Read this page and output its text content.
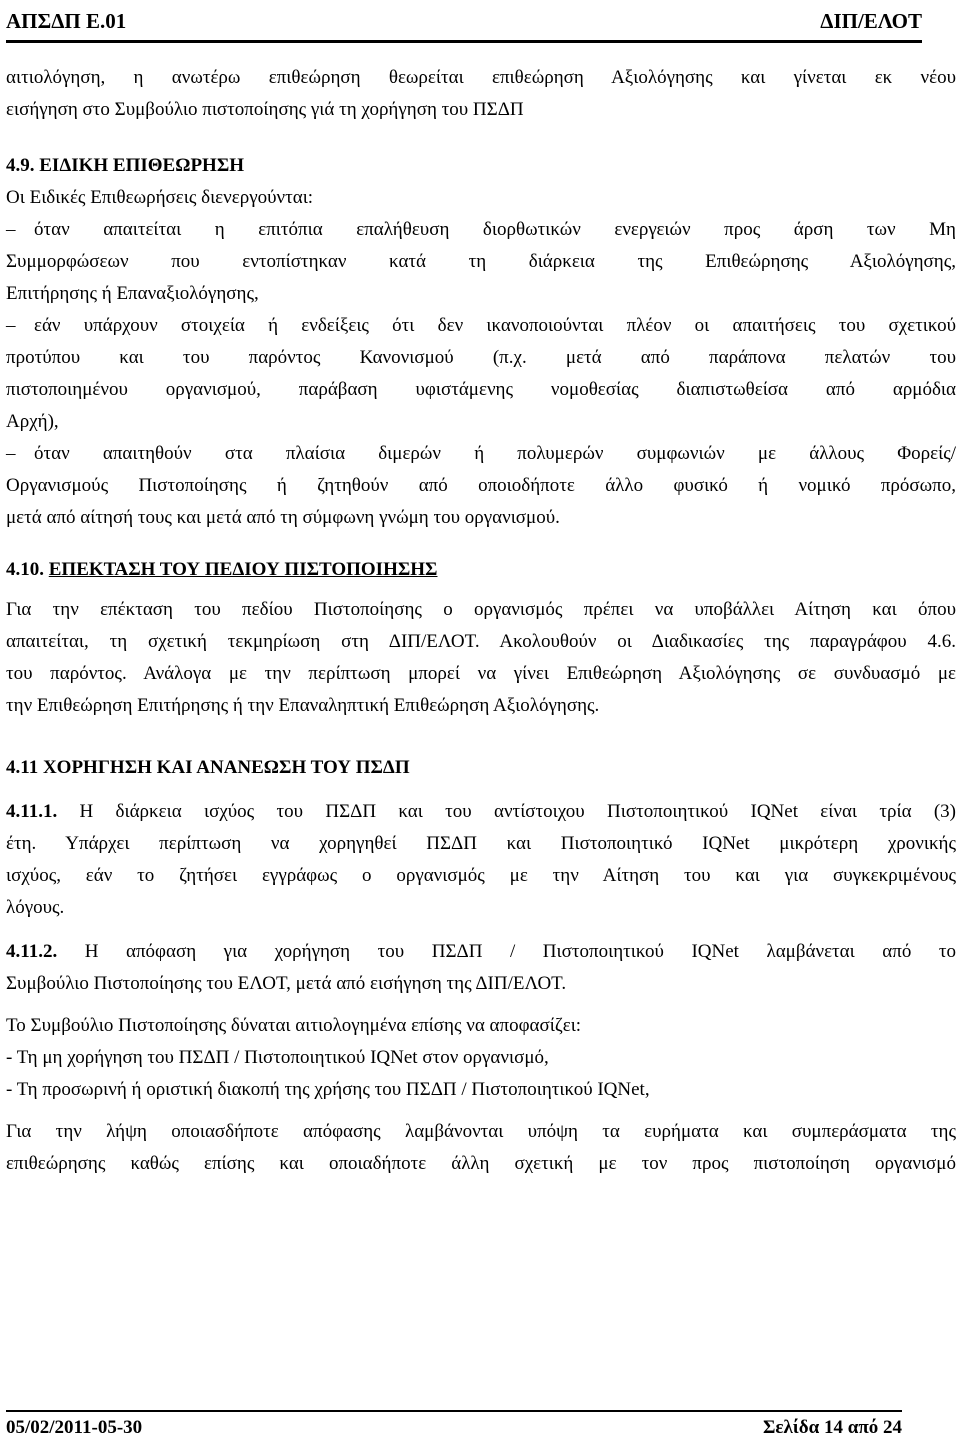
ΑΠΣΔΠ Ε.01	ΔΙΠ/ΕΛΟΤ
αιτιολόγηση, η ανωτέρω επιθεώρηση θεωρείται επιθεώρηση Αξιολόγησης και γίνεται εκ νέου
εισήγηση στο Συμβούλιο πιστοποίησης γιά τη χορήγηση του ΠΣΔΠ
4.9. ΕΙΔΙΚΗ ΕΠΙΘΕΩΡΗΣΗ
Οι Ειδικές Επιθεωρήσεις διενεργούνται:
– όταν απαιτείται η επιτόπια επαλήθευση διορθωτικών ενεργειών προς άρση των Μη
Συμμορφώσεων που εντοπίστηκαν κατά τη διάρκεια της Επιθεώρησης Αξιολόγησης,
Επιτήρησης ή Επαναξιολόγησης,
– εάν υπάρχουν στοιχεία ή ενδείξεις ότι δεν ικανοποιούνται πλέον οι απαιτήσεις του σχετικού
προτύπου και του παρόντος Κανονισμού (π.χ. μετά από παράπονα πελατών του
πιστοποιημένου οργανισμού, παράβαση υφιστάμενης νομοθεσίας διαπιστωθείσα από αρμόδια
Αρχή),
– όταν απαιτηθούν στα πλαίσια διμερών ή πολυμερών συμφωνιών με άλλους Φορείς/
Οργανισμούς Πιστοποίησης ή ζητηθούν από οποιοδήποτε άλλο φυσικό ή νομικό πρόσωπο,
μετά από αίτησή τους και μετά από τη σύμφωνη γνώμη του οργανισμού.
4.10. ΕΠΕΚΤΑΣΗ ΤΟΥ ΠΕΔΙΟΥ ΠΙΣΤΟΠΟΙΗΣΗΣ
Για την επέκταση του πεδίου Πιστοποίησης ο οργανισμός πρέπει να υποβάλλει Αίτηση και όπου
απαιτείται, τη σχετική τεκμηρίωση στη ΔΙΠ/ΕΛΟΤ. Ακολουθούν οι Διαδικασίες της παραγράφου 4.6.
του παρόντος. Ανάλογα με την περίπτωση μπορεί να γίνει Επιθεώρηση Αξιολόγησης σε συνδυασμό με
την Επιθεώρηση Επιτήρησης ή την Επαναληπτική Επιθεώρηση Αξιολόγησης.
4.11 ΧΟΡΗΓΗΣΗ ΚΑΙ ΑΝΑΝΕΩΣΗ ΤΟΥ ΠΣΔΠ
4.11.1. Η διάρκεια ισχύος του ΠΣΔΠ και του αντίστοιχου Πιστοποιητικού IQNet είναι τρία (3)
έτη. Υπάρχει περίπτωση να χορηγηθεί ΠΣΔΠ και Πιστοποιητικό IQNet μικρότερη χρονικής
ισχύος, εάν το ζητήσει εγγράφως ο οργανισμός με την Αίτηση του και για συγκεκριμένους
λόγους.
4.11.2. Η απόφαση για χορήγηση του ΠΣΔΠ / Πιστοποιητικού IQNet λαμβάνεται από το
Συμβούλιο Πιστοποίησης του ΕΛΟΤ, μετά από εισήγηση της ΔΙΠ/ΕΛΟΤ.
Το Συμβούλιο Πιστοποίησης δύναται αιτιολογημένα επίσης να αποφασίζει:
- Τη μη χορήγηση του ΠΣΔΠ / Πιστοποιητικού IQNet στον οργανισμό,
- Τη προσωρινή ή οριστική διακοπή της χρήσης του ΠΣΔΠ / Πιστοποιητικού IQNet,
Για την λήψη οποιασδήποτε απόφασης λαμβάνονται υπόψη τα ευρήματα και συμπεράσματα της
επιθεώρησης καθώς επίσης και οποιαδήποτε άλλη σχετική με τον προς πιστοποίηση οργανισμό
05/02/2011-05-30	Σελίδα 14 από 24
